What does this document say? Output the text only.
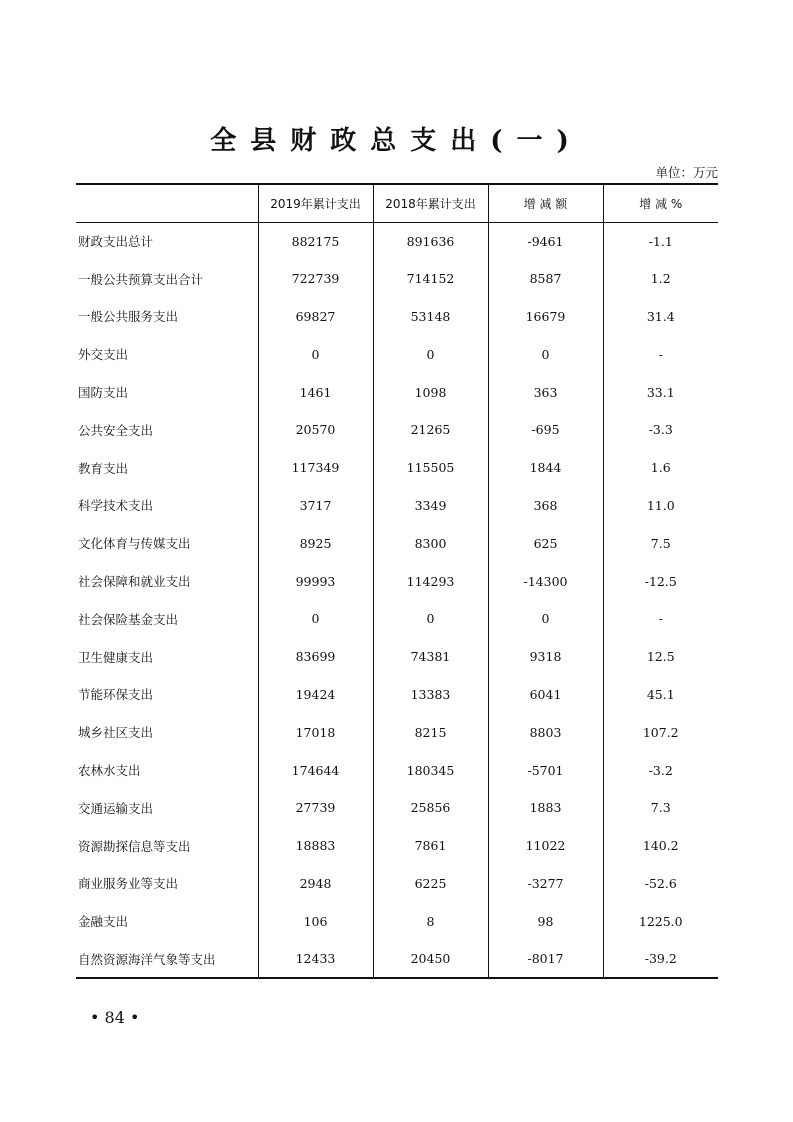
全县财政总支出(一)
单位：万元
	2019年累计支出	2018年累计支出	增 减 额	增 减 %
财政支出总计	882175	891636	-9461	-1.1
一般公共预算支出合计	722739	714152	8587	1.2
一般公共服务支出	69827	53148	16679	31.4
外交支出	0	0	0	-
国防支出	1461	1098	363	33.1
公共安全支出	20570	21265	-695	-3.3
教育支出	117349	115505	1844	1.6
科学技术支出	3717	3349	368	11.0
文化体育与传媒支出	8925	8300	625	7.5
社会保障和就业支出	99993	114293	-14300	-12.5
社会保险基金支出	0	0	0	-
卫生健康支出	83699	74381	9318	12.5
节能环保支出	19424	13383	6041	45.1
城乡社区支出	17018	8215	8803	107.2
农林水支出	174644	180345	-5701	-3.2
交通运输支出	27739	25856	1883	7.3
资源勘探信息等支出	18883	7861	11022	140.2
商业服务业等支出	2948	6225	-3277	-52.6
金融支出	106	8	98	1225.0
自然资源海洋气象等支出	12433	20450	-8017	-39.2
• 84 •
